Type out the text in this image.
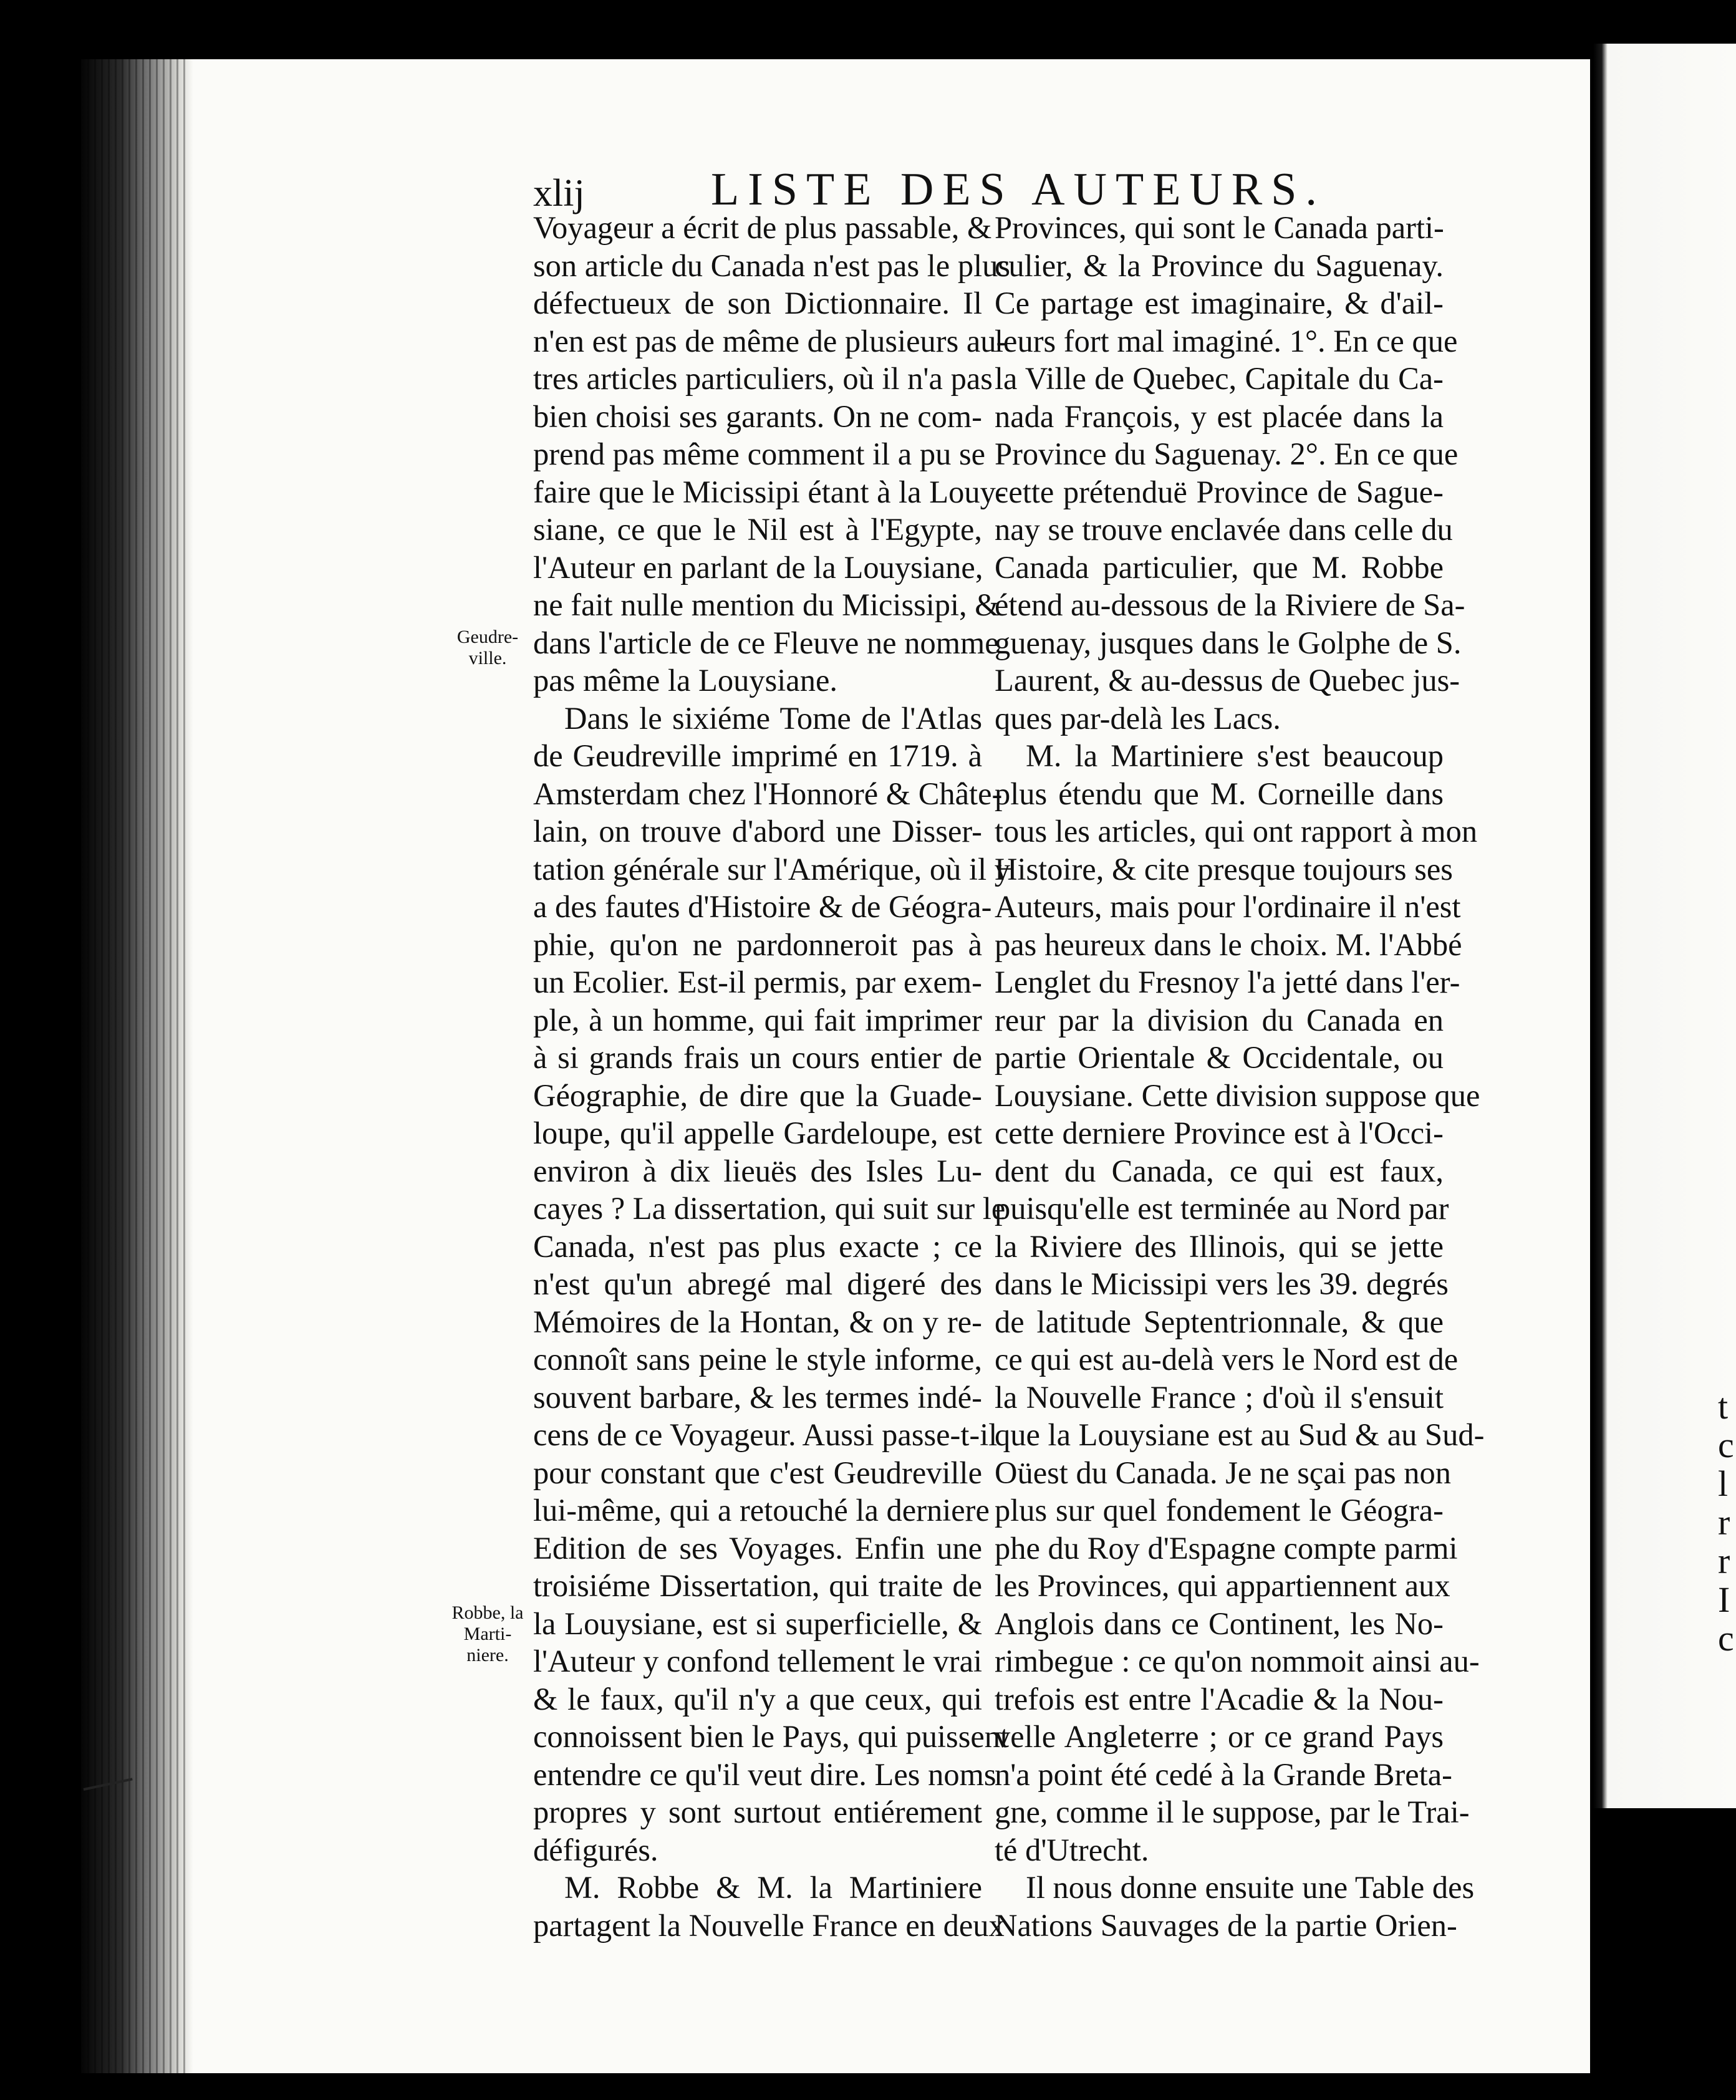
t
c
l
r
r
I
c
xlij	LISTE DES AUTEURS.
Geudre-ville.
Robbe, la Marti-niere.
Voyageur a écrit de plus passable, &
son article du Canada n'est pas le plus
défectueux de son Dictionnaire. Il
n'en est pas de même de plusieurs au-
tres articles particuliers, où il n'a pas
bien choisi ses garants. On ne com-
prend pas même comment il a pu se
faire que le Micissipi étant à la Louy-
siane, ce que le Nil est à l'Egypte,
l'Auteur en parlant de la Louysiane,
ne fait nulle mention du Micissipi, &
dans l'article de ce Fleuve ne nomme
pas même la Louysiane.
Dans le sixiéme Tome de l'Atlas
de Geudreville imprimé en 1719. à
Amsterdam chez l'Honnoré & Châte-
lain, on trouve d'abord une Disser-
tation générale sur l'Amérique, où il y
a des fautes d'Histoire & de Géogra-
phie, qu'on ne pardonneroit pas à
un Ecolier. Est-il permis, par exem-
ple, à un homme, qui fait imprimer
à si grands frais un cours entier de
Géographie, de dire que la Guade-
loupe, qu'il appelle Gardeloupe, est
environ à dix lieuës des Isles Lu-
cayes ? La dissertation, qui suit sur le
Canada, n'est pas plus exacte ; ce
n'est qu'un abregé mal digeré des
Mémoires de la Hontan, & on y re-
connoît sans peine le style informe,
souvent barbare, & les termes indé-
cens de ce Voyageur. Aussi passe-t-il
pour constant que c'est Geudreville
lui-même, qui a retouché la derniere
Edition de ses Voyages. Enfin une
troisiéme Dissertation, qui traite de
la Louysiane, est si superficielle, &
l'Auteur y confond tellement le vrai
& le faux, qu'il n'y a que ceux, qui
connoissent bien le Pays, qui puissent
entendre ce qu'il veut dire. Les noms
propres y sont surtout entiérement
défigurés.
M. Robbe & M. la Martiniere
partagent la Nouvelle France en deux
Provinces, qui sont le Canada parti-
culier, & la Province du Saguenay.
Ce partage est imaginaire, & d'ail-
leurs fort mal imaginé. 1°. En ce que
la Ville de Quebec, Capitale du Ca-
nada François, y est placée dans la
Province du Saguenay. 2°. En ce que
cette prétenduë Province de Sague-
nay se trouve enclavée dans celle du
Canada particulier, que M. Robbe
étend au-dessous de la Riviere de Sa-
guenay, jusques dans le Golphe de S.
Laurent, & au-dessus de Quebec jus-
ques par-delà les Lacs.
M. la Martiniere s'est beaucoup
plus étendu que M. Corneille dans
tous les articles, qui ont rapport à mon
Histoire, & cite presque toujours ses
Auteurs, mais pour l'ordinaire il n'est
pas heureux dans le choix. M. l'Abbé
Lenglet du Fresnoy l'a jetté dans l'er-
reur par la division du Canada en
partie Orientale & Occidentale, ou
Louysiane. Cette division suppose que
cette derniere Province est à l'Occi-
dent du Canada, ce qui est faux,
puisqu'elle est terminée au Nord par
la Riviere des Illinois, qui se jette
dans le Micissipi vers les 39. degrés
de latitude Septentrionnale, & que
ce qui est au-delà vers le Nord est de
la Nouvelle France ; d'où il s'ensuit
que la Louysiane est au Sud & au Sud-
Oüest du Canada. Je ne sçai pas non
plus sur quel fondement le Géogra-
phe du Roy d'Espagne compte parmi
les Provinces, qui appartiennent aux
Anglois dans ce Continent, les No-
rimbegue : ce qu'on nommoit ainsi au-
trefois est entre l'Acadie & la Nou-
velle Angleterre ; or ce grand Pays
n'a point été cedé à la Grande Breta-
gne, comme il le suppose, par le Trai-
té d'Utrecht.
Il nous donne ensuite une Table des
Nations Sauvages de la partie Orien-
